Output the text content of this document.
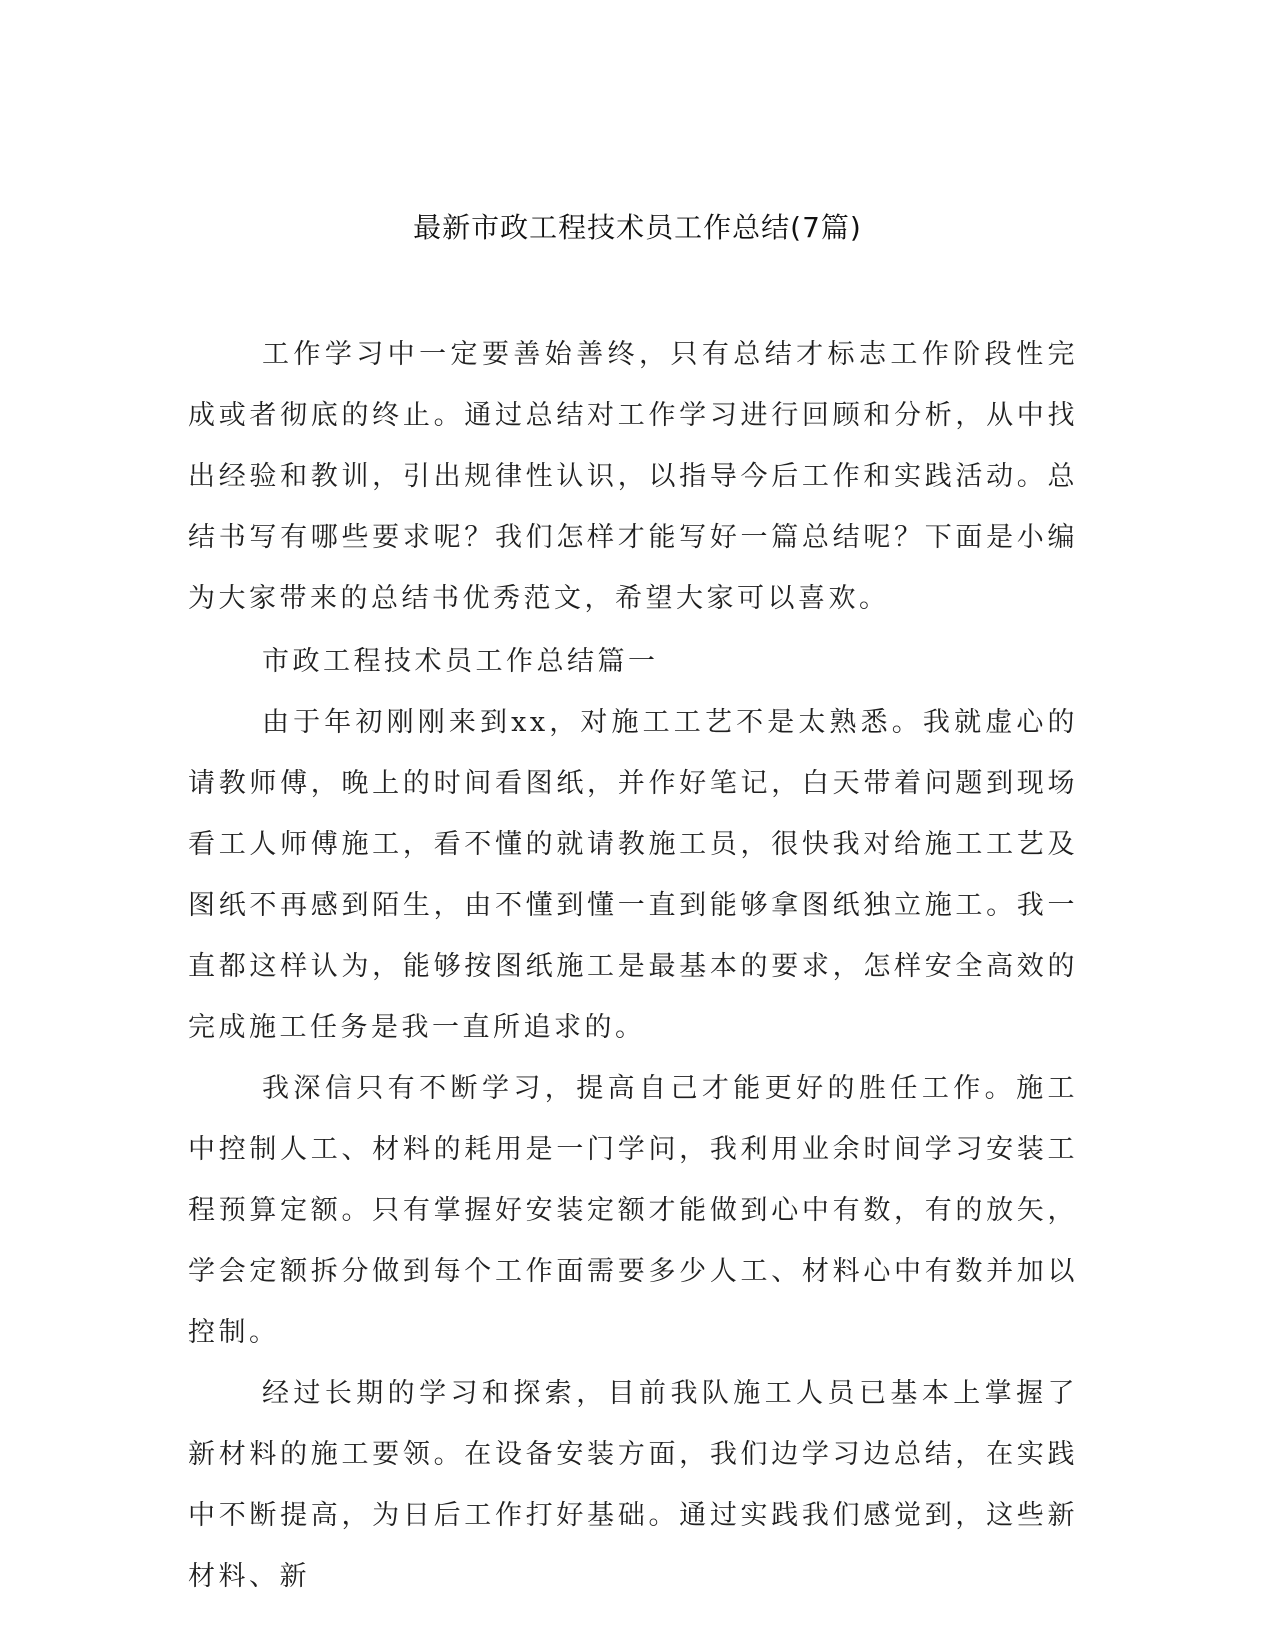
最新市政工程技术员工作总结(7篇)

工作学习中一定要善始善终，只有总结才标志工作阶段性完成或者彻底的终止。通过总结对工作学习进行回顾和分析，从中找出经验和教训，引出规律性认识，以指导今后工作和实践活动。总结书写有哪些要求呢？我们怎样才能写好一篇总结呢？下面是小编为大家带来的总结书优秀范文，希望大家可以喜欢。

市政工程技术员工作总结篇一

由于年初刚刚来到xx，对施工工艺不是太熟悉。我就虚心的请教师傅，晚上的时间看图纸，并作好笔记，白天带着问题到现场看工人师傅施工，看不懂的就请教施工员，很快我对给施工工艺及图纸不再感到陌生，由不懂到懂一直到能够拿图纸独立施工。我一直都这样认为，能够按图纸施工是最基本的要求，怎样安全高效的完成施工任务是我一直所追求的。

我深信只有不断学习，提高自己才能更好的胜任工作。施工中控制人工、材料的耗用是一门学问，我利用业余时间学习安装工程预算定额。只有掌握好安装定额才能做到心中有数，有的放矢，学会定额拆分做到每个工作面需要多少人工、材料心中有数并加以控制。

经过长期的学习和探索，目前我队施工人员已基本上掌握了新材料的施工要领。在设备安装方面，我们边学习边总结，在实践中不断提高，为日后工作打好基础。通过实践我们感觉到，这些新材料、新
